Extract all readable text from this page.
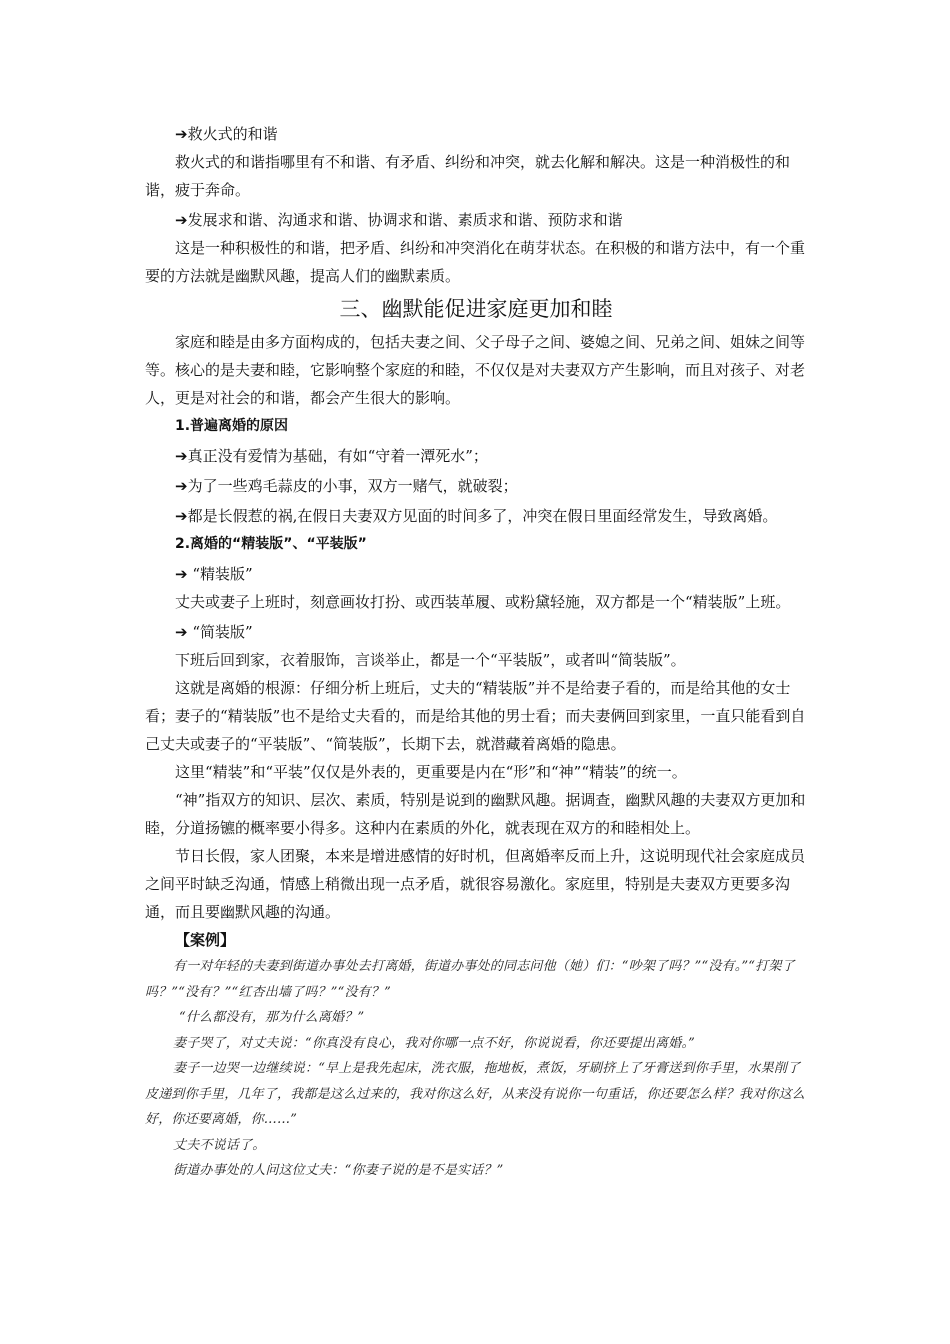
➔救火式的和谐

救火式的和谐指哪里有不和谐、有矛盾、纠纷和冲突，就去化解和解决。这是一种消极性的和谐，疲于奔命。

➔发展求和谐、沟通求和谐、协调求和谐、素质求和谐、预防求和谐

这是一种积极性的和谐，把矛盾、纠纷和冲突消化在萌芽状态。在积极的和谐方法中，有一个重要的方法就是幽默风趣，提高人们的幽默素质。

三、幽默能促进家庭更加和睦

家庭和睦是由多方面构成的，包括夫妻之间、父子母子之间、婆媳之间、兄弟之间、姐妹之间等等。核心的是夫妻和睦，它影响整个家庭的和睦，不仅仅是对夫妻双方产生影响，而且对孩子、对老人，更是对社会的和谐，都会产生很大的影响。

1.普遍离婚的原因

➔真正没有爱情为基础，有如“守着一潭死水”；

➔为了一些鸡毛蒜皮的小事，双方一赌气，就破裂；

➔都是长假惹的祸,在假日夫妻双方见面的时间多了，冲突在假日里面经常发生，导致离婚。

2.离婚的“精装版”、“平装版”

➔ “精装版”

丈夫或妻子上班时，刻意画妆打扮、或西装革履、或粉黛轻施，双方都是一个“精装版”上班。

➔ “简装版”

下班后回到家，衣着服饰，言谈举止，都是一个“平装版”，或者叫“简装版”。

这就是离婚的根源：仔细分析上班后，丈夫的“精装版”并不是给妻子看的，而是给其他的女士看；妻子的“精装版”也不是给丈夫看的，而是给其他的男士看；而夫妻俩回到家里，一直只能看到自己丈夫或妻子的“平装版”、“简装版”，长期下去，就潜藏着离婚的隐患。

这里“精装”和“平装”仅仅是外表的，更重要是内在“形”和“神”“精装”的统一。

“神”指双方的知识、层次、素质，特别是说到的幽默风趣。据调查，幽默风趣的夫妻双方更加和睦，分道扬镳的概率要小得多。这种内在素质的外化，就表现在双方的和睦相处上。

节日长假，家人团聚，本来是增进感情的好时机，但离婚率反而上升，这说明现代社会家庭成员之间平时缺乏沟通，情感上稍微出现一点矛盾，就很容易激化。家庭里，特别是夫妻双方更要多沟通，而且要幽默风趣的沟通。

【案例】

有一对年轻的夫妻到街道办事处去打离婚，街道办事处的同志问他（她）们：“吵架了吗？”“没有。”“打架了吗？”“没有？”“红杏出墙了吗？”“没有？”

“什么都没有，那为什么离婚？”

妻子哭了，对丈夫说：“你真没有良心，我对你哪一点不好，你说说看，你还要提出离婚。”

妻子一边哭一边继续说：“早上是我先起床，洗衣服，拖地板，煮饭，牙刷挤上了牙膏送到你手里，水果削了皮递到你手里，几年了，我都是这么过来的，我对你这么好，从来没有说你一句重话，你还要怎么样？我对你这么好，你还要离婚，你……”

丈夫不说话了。

街道办事处的人问这位丈夫：“你妻子说的是不是实话？”
